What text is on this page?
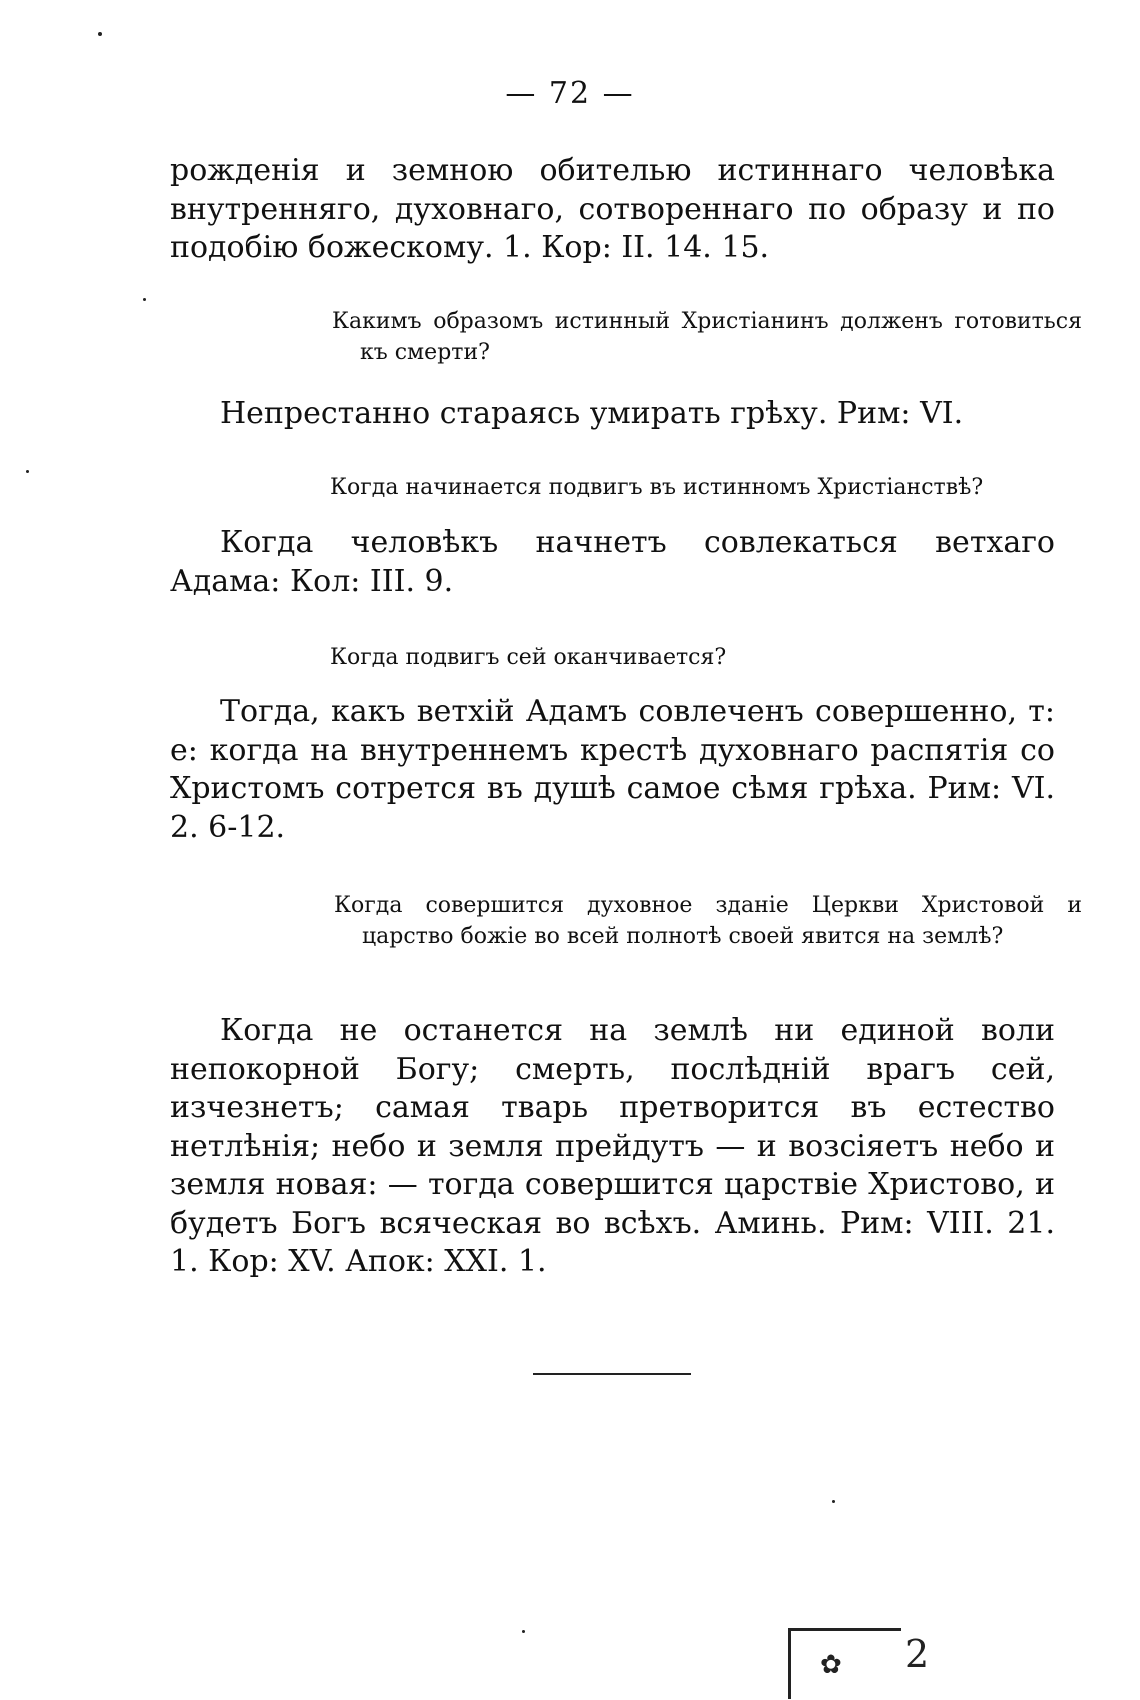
— 72 —

рожденія и земною обителью истиннаго человѣка внутренняго, духовнаго, сотвореннаго по образу и по подобію божескому. 1. Кор: II. 14. 15.

Какимъ образомъ истинный Христіанинъ долженъ готовиться къ смерти?

Непрестанно стараясь умирать грѣху. Рим: VI.

Когда начинается подвигъ въ истинномъ Христіанствѣ?

Когда человѣкъ начнетъ совлекаться ветхаго Адама: Кол: III. 9.

Когда подвигъ сей оканчивается?

Тогда, какъ ветхій Адамъ совлеченъ совершенно, т: е: когда на внутреннемъ крестѣ духовнаго распятія со Христомъ сотрется въ душѣ самое сѣмя грѣха. Рим: VI. 2. 6-12.

Когда совершится духовное зданіе Церкви Христовой и царство божіе во всей полнотѣ своей явится на землѣ?

Когда не останется на землѣ ни единой воли непокорной Богу; смерть, послѣдній врагъ сей, изчезнетъ; самая тварь претворится въ естество нетлѣнія; небо и земля прейдутъ — и возсіяетъ небо и земля новая: — тогда совершится царствіе Христово, и будетъ Богъ всяческая во всѣхъ. Аминь. Рим: VIII. 21. 1. Кор: XV. Апок: XXI. 1.

✿ 2
